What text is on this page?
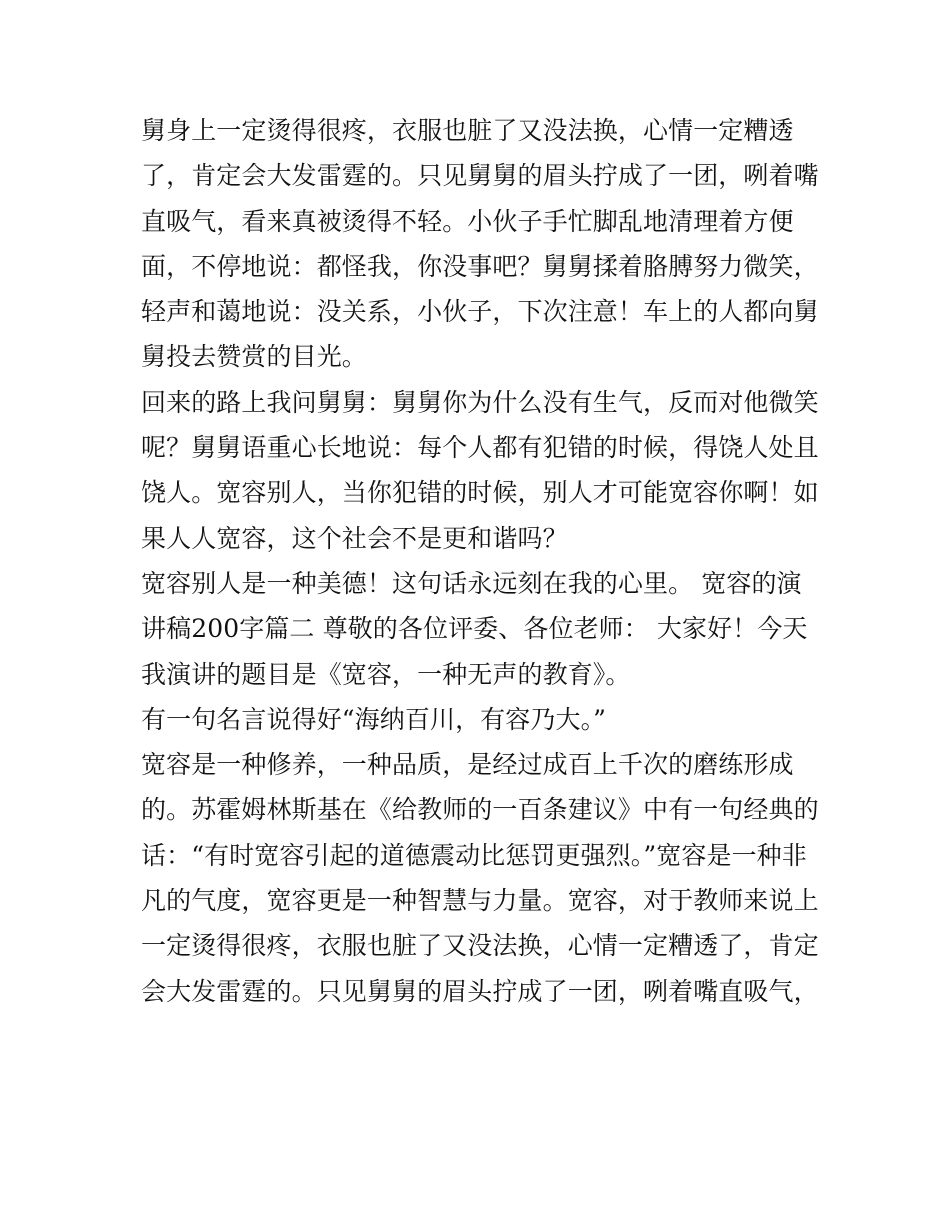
舅身上一定烫得很疼，衣服也脏了又没法换，心情一定糟透
了，肯定会大发雷霆的。只见舅舅的眉头拧成了一团，咧着嘴
直吸气，看来真被烫得不轻。小伙子手忙脚乱地清理着方便
面，不停地说：都怪我，你没事吧？舅舅揉着胳膊努力微笑，
轻声和蔼地说：没关系，小伙子，下次注意！车上的人都向舅
舅投去赞赏的目光。
回来的路上我问舅舅：舅舅你为什么没有生气，反而对他微笑
呢？舅舅语重心长地说：每个人都有犯错的时候，得饶人处且
饶人。宽容别人，当你犯错的时候，别人才可能宽容你啊！如
果人人宽容，这个社会不是更和谐吗？
宽容别人是一种美德！这句话永远刻在我的心里。 宽容的演
讲稿200字篇二 尊敬的各位评委、各位老师： 大家好！今天
我演讲的题目是《宽容，一种无声的教育》。
有一句名言说得好“海纳百川，有容乃大。”
宽容是一种修养，一种品质，是经过成百上千次的磨练形成
的。苏霍姆林斯基在《给教师的一百条建议》中有一句经典的
话：“有时宽容引起的道德震动比惩罚更强烈。”宽容是一种非
凡的气度，宽容更是一种智慧与力量。宽容，对于教师来说上
一定烫得很疼，衣服也脏了又没法换，心情一定糟透了，肯定
会大发雷霆的。只见舅舅的眉头拧成了一团，咧着嘴直吸气，
